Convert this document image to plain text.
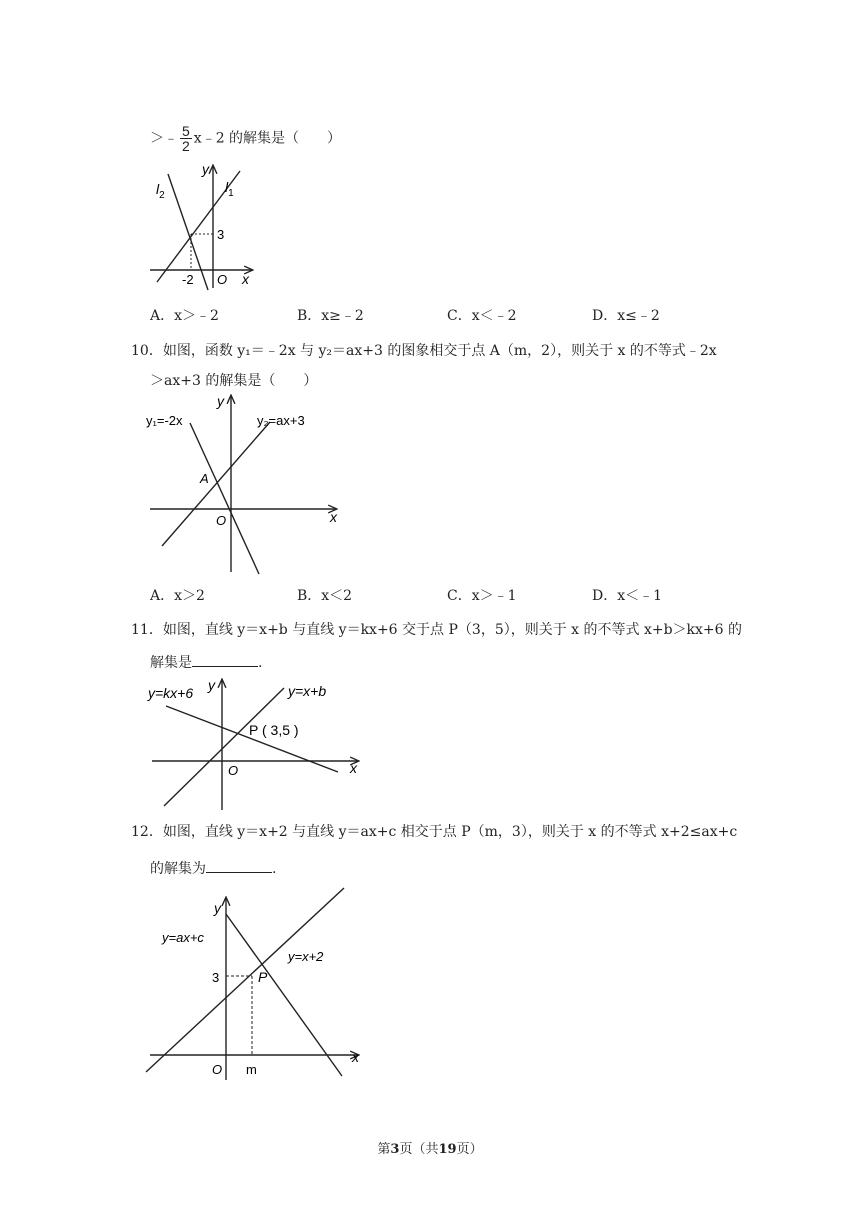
＞﹣ $\frac{5}{2}$ x﹣2 的解集是（　　）
$l_2$
$l_1$
y
3
-2 O x
A．x＞﹣2	B．x≥﹣2	C．x＜﹣2	D．x≤﹣2
10．如图，函数 y₁＝﹣2x 与 y₂＝ax+3 的图象相交于点 A（m，2），则关于 x 的不等式﹣2x
＞ax+3 的解集是（　　）
y₁=-2x	y₂=ax+3
y
A
O	x
A．x＞2	B．x＜2	C．x＞﹣1	D．x＜﹣1
11．如图，直线 y＝x+b 与直线 y＝kx+6 交于点 P（3，5），则关于 x 的不等式 x+b＞kx+6 的
解集是	.
y=kx+6	y=x+b
y
P ( 3,5 )
O	x
12．如图，直线 y＝x+2 与直线 y＝ax+c 相交于点 P（m，3），则关于 x 的不等式 x+2≤ax+c
的解集为	.
y=ax+c
y=x+2
y
P
3
m
O
x
第3页（共19页）
